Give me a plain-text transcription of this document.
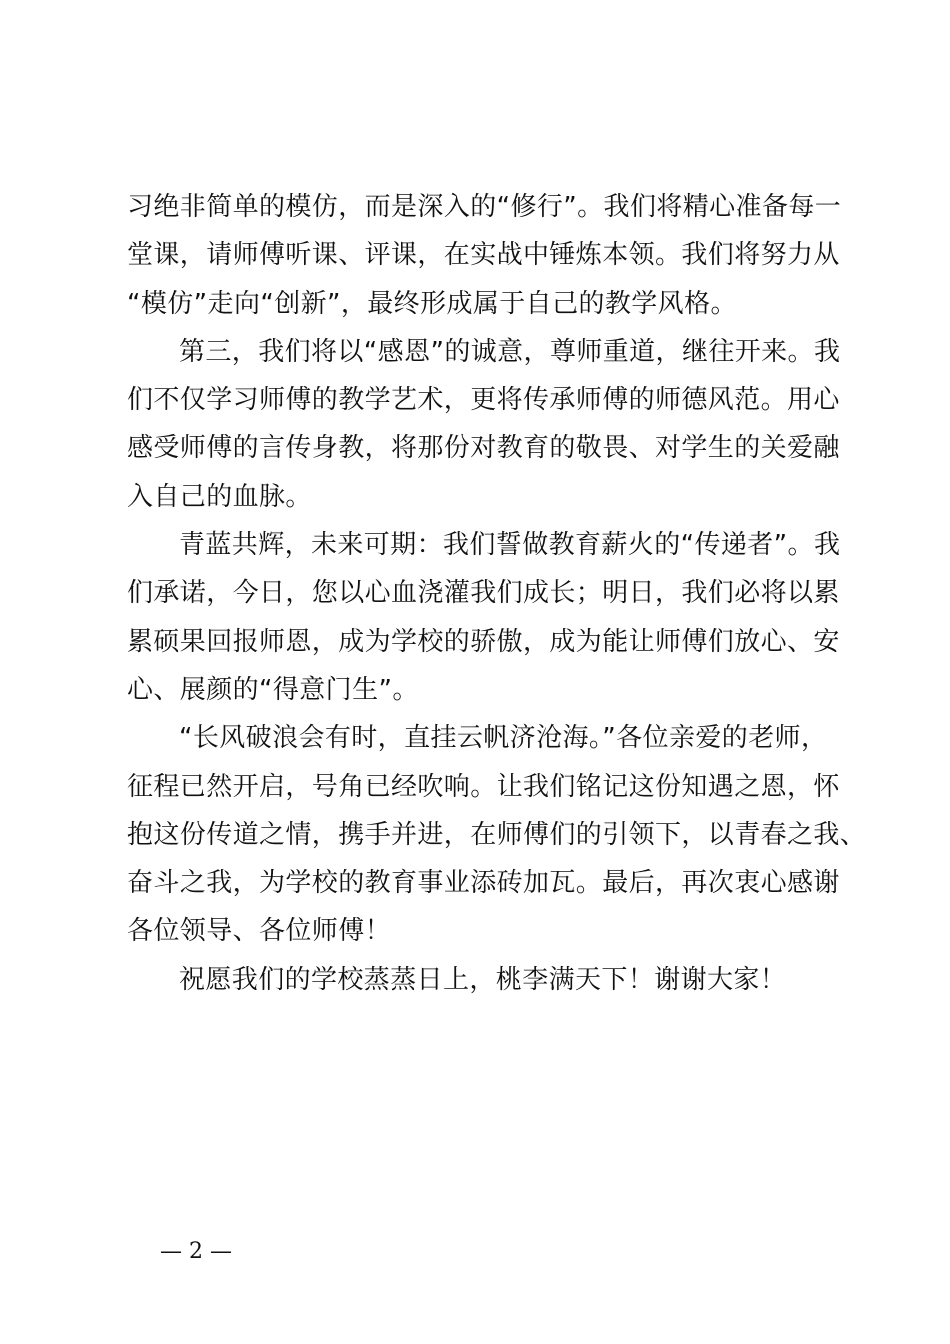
习绝非简单的模仿，而是深入的“修行”。我们将精心准备每一
堂课，请师傅听课、评课，在实战中锤炼本领。我们将努力从
“模仿”走向“创新”，最终形成属于自己的教学风格。

第三，我们将以“感恩”的诚意，尊师重道，继往开来。我
们不仅学习师傅的教学艺术，更将传承师傅的师德风范。用心
感受师傅的言传身教，将那份对教育的敬畏、对学生的关爱融
入自己的血脉。

青蓝共辉，未来可期：我们誓做教育薪火的“传递者”。我
们承诺，今日，您以心血浇灌我们成长；明日，我们必将以累
累硕果回报师恩，成为学校的骄傲，成为能让师傅们放心、安
心、展颜的“得意门生”。

“长风破浪会有时，直挂云帆济沧海。”各位亲爱的老师，
征程已然开启，号角已经吹响。让我们铭记这份知遇之恩，怀
抱这份传道之情，携手并进，在师傅们的引领下，以青春之我、
奋斗之我，为学校的教育事业添砖加瓦。最后，再次衷心感谢
各位领导、各位师傅！

祝愿我们的学校蒸蒸日上，桃李满天下！谢谢大家！

— 2 —
